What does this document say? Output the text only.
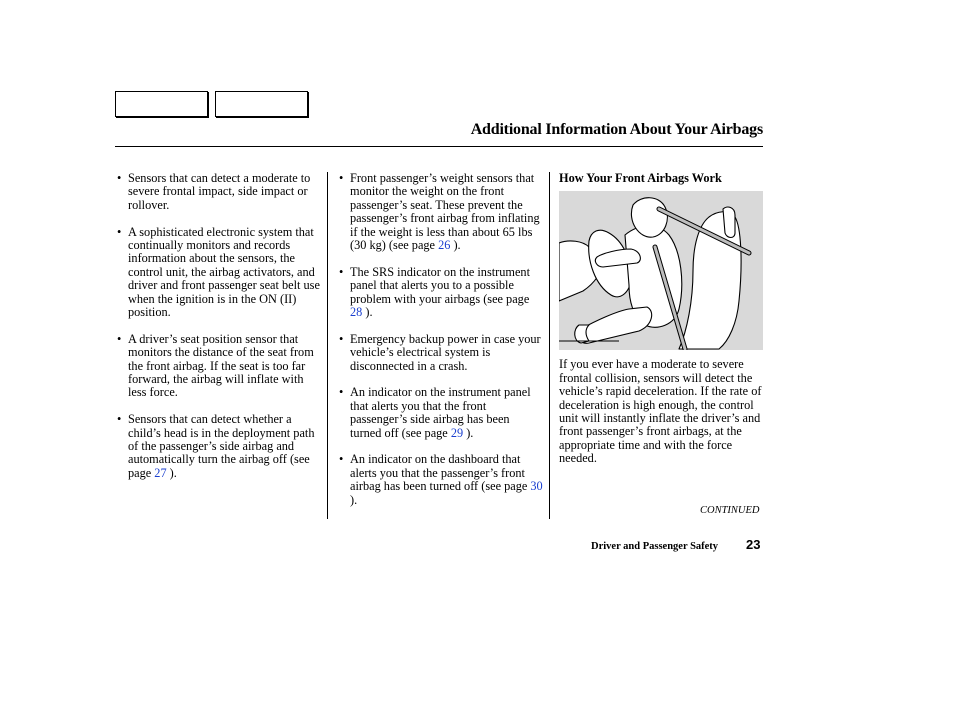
Additional Information About Your Airbags
• Sensors that can detect a moderate to severe frontal impact, side impact or rollover.
• A sophisticated electronic system that continually monitors and records information about the sensors, the control unit, the airbag activators, and driver and front passenger seat belt use when the ignition is in the ON (II) position.
• A driver’s seat position sensor that monitors the distance of the seat from the front airbag. If the seat is too far forward, the airbag will inflate with less force.
• Sensors that can detect whether a child’s head is in the deployment path of the passenger’s side airbag and automatically turn the airbag off (see page 27 ).
• Front passenger’s weight sensors that monitor the weight on the front passenger’s seat. These prevent the passenger’s front airbag from inflating if the weight is less than about 65 lbs (30 kg) (see page 26 ).
• The SRS indicator on the instrument panel that alerts you to a possible problem with your airbags (see page 28 ).
• Emergency backup power in case your vehicle’s electrical system is disconnected in a crash.
• An indicator on the instrument panel that alerts you that the front passenger’s side airbag has been turned off (see page 29 ).
• An indicator on the dashboard that alerts you that the passenger’s front airbag has been turned off (see page 30 ).
How Your Front Airbags Work
If you ever have a moderate to severe frontal collision, sensors will detect the vehicle’s rapid deceleration. If the rate of deceleration is high enough, the control unit will instantly inflate the driver’s and front passenger’s front airbags, at the appropriate time and with the force needed.
CONTINUED
Driver and Passenger Safety 23
